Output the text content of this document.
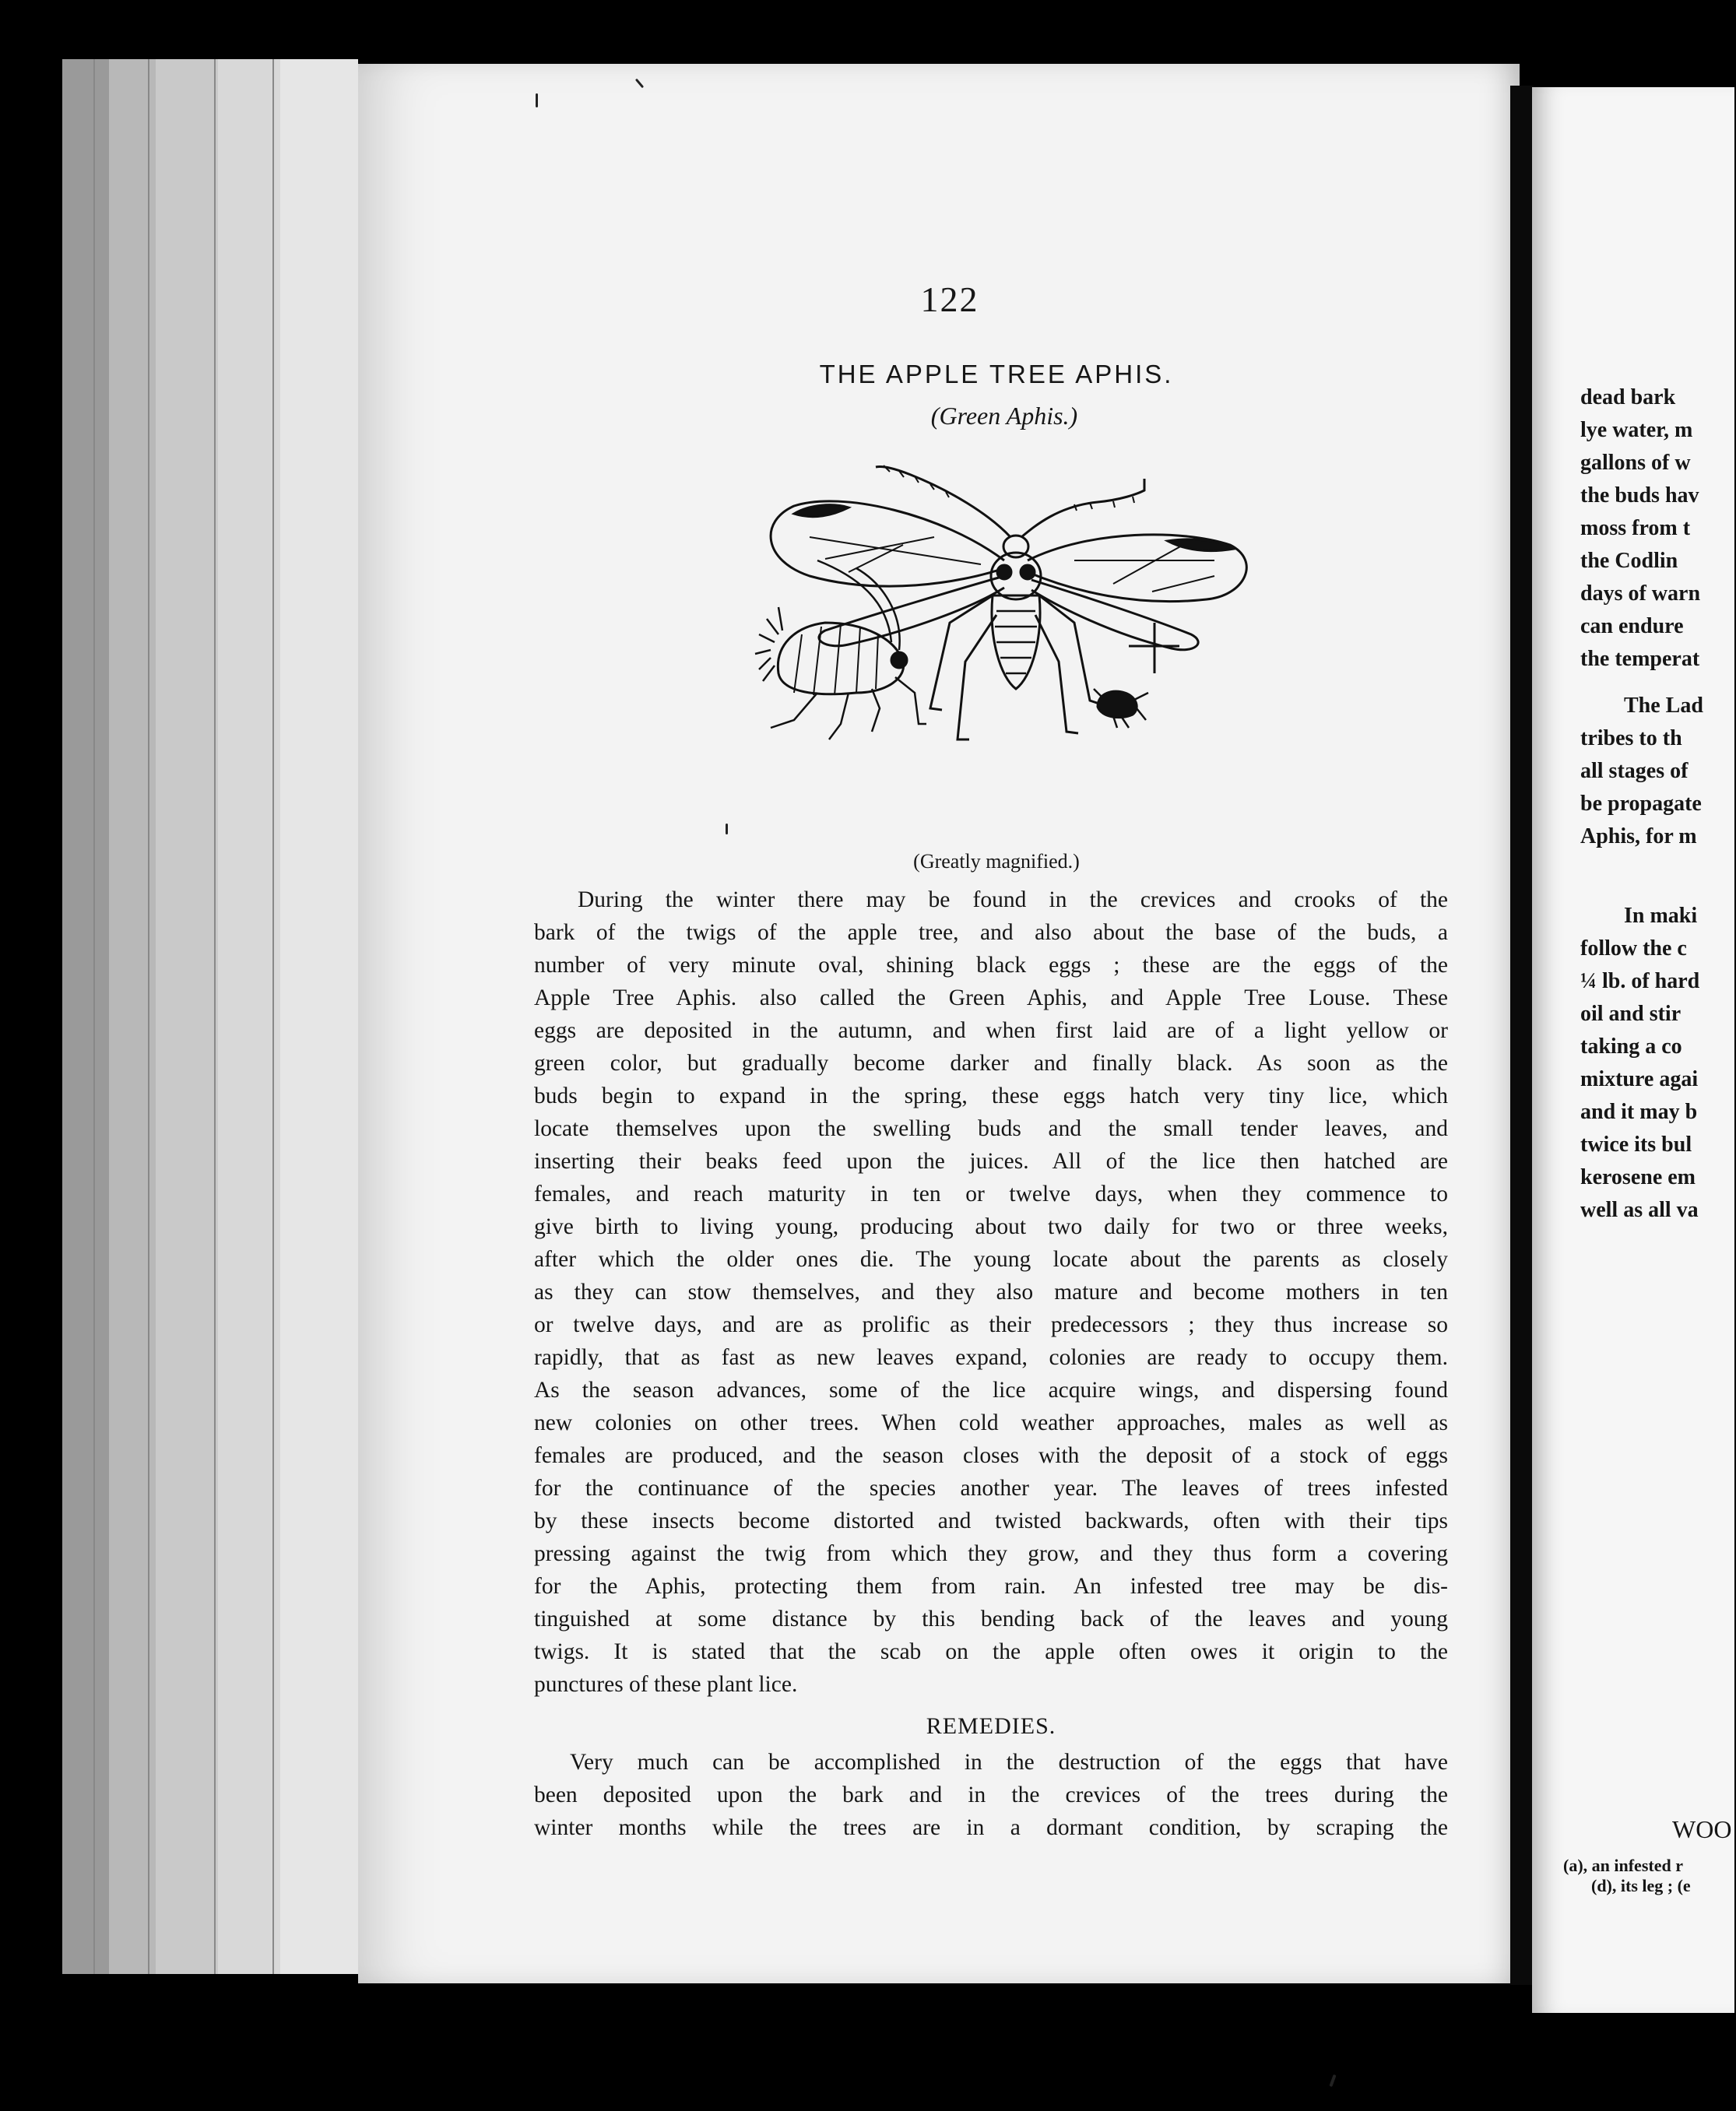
122
THE APPLE TREE APHIS.
(Green Aphis.)
(Greatly magnified.)
During the winter there may be found in the crevices and crooks of the
bark of the twigs of the apple tree, and also about the base of the buds, a
number of very minute oval, shining black eggs ; these are the eggs of the
Apple Tree Aphis. also called the Green Aphis, and Apple Tree Louse. These
eggs are deposited in the autumn, and when first laid are of a light yellow or
green color, but gradually become darker and finally black. As soon as the
buds begin to expand in the spring, these eggs hatch very tiny lice, which
locate themselves upon the swelling buds and the small tender leaves, and
inserting their beaks feed upon the juices. All of the lice then hatched are
females, and reach maturity in ten or twelve days, when they commence to
give birth to living young, producing about two daily for two or three weeks,
after which the older ones die. The young locate about the parents as closely
as they can stow themselves, and they also mature and become mothers in ten
or twelve days, and are as prolific as their predecessors ; they thus increase so
rapidly, that as fast as new leaves expand, colonies are ready to occupy them.
As the season advances, some of the lice acquire wings, and dispersing found
new colonies on other trees. When cold weather approaches, males as well as
females are produced, and the season closes with the deposit of a stock of eggs
for the continuance of the species another year. The leaves of trees infested
by these insects become distorted and twisted backwards, often with their tips
pressing against the twig from which they grow, and they thus form a covering
for the Aphis, protecting them from rain. An infested tree may be dis-
tinguished at some distance by this bending back of the leaves and young
twigs. It is stated that the scab on the apple often owes it origin to the
punctures of these plant lice.
REMEDIES.
Very much can be accomplished in the destruction of the eggs that have
been deposited upon the bark and in the crevices of the trees during the
winter months while the trees are in a dormant condition, by scraping the
dead bark
lye water, m
gallons of w
the buds hav
moss from t
the Codlin
days of warn
can endure
the temperat
The Lad
tribes to th
all stages of
be propagate
Aphis, for m
In maki
follow the c
¼ lb. of hard
oil and stir
taking a co
mixture agai
and it may b
twice its bul
kerosene em
well as all va
WOO
(a), an infested r
(d), its leg ; (e
